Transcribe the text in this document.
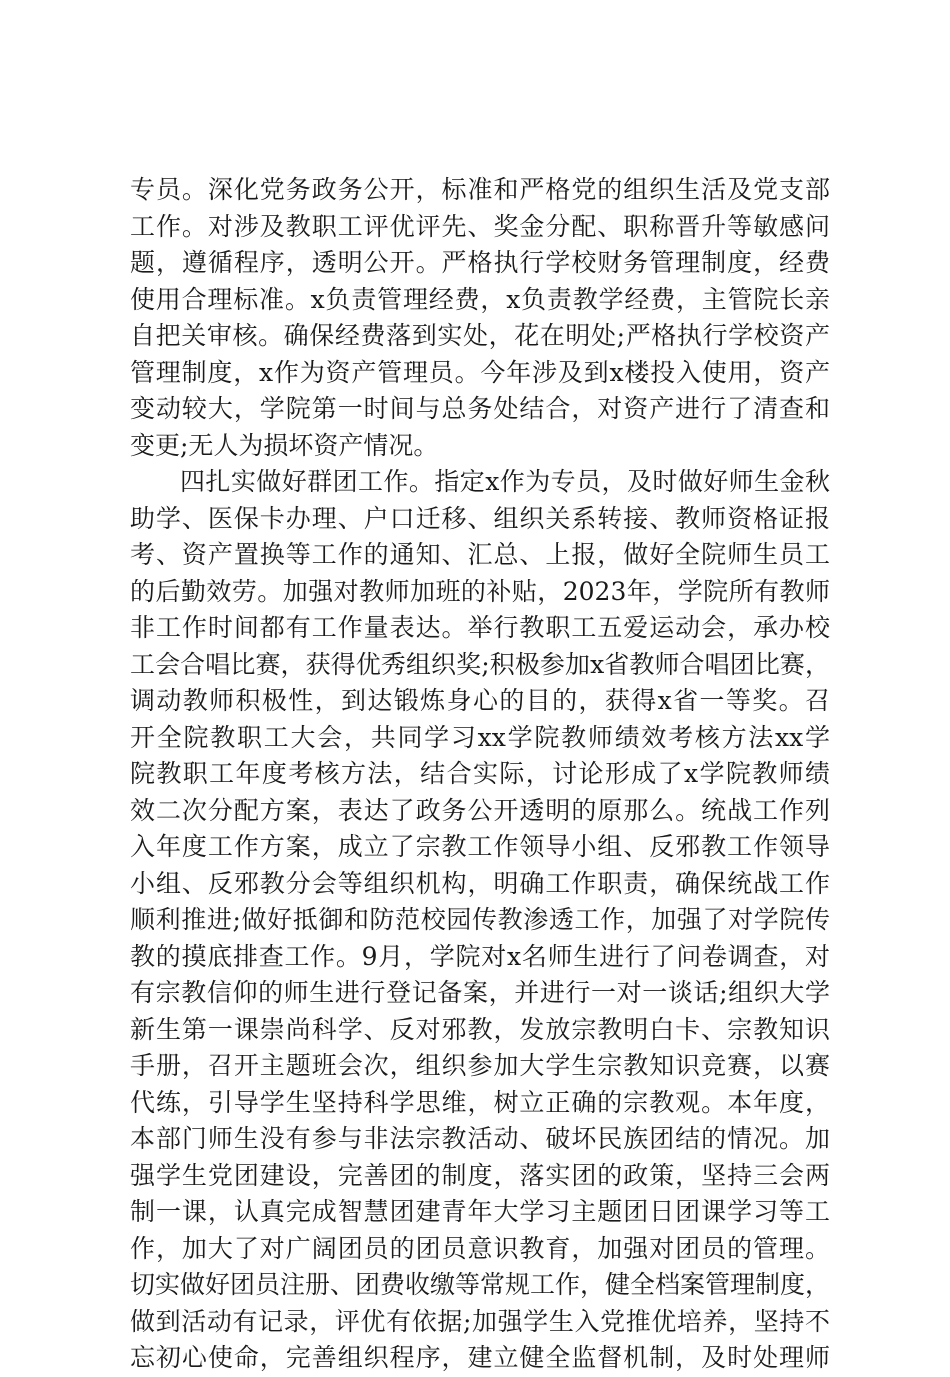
专员。深化党务政务公开，标准和严格党的组织生活及党支部
工作。对涉及教职工评优评先、奖金分配、职称晋升等敏感问
题，遵循程序，透明公开。严格执行学校财务管理制度，经费
使用合理标准。x负责管理经费，x负责教学经费，主管院长亲
自把关审核。确保经费落到实处，花在明处;严格执行学校资产
管理制度，x作为资产管理员。今年涉及到x楼投入使用，资产
变动较大，学院第一时间与总务处结合，对资产进行了清查和
变更;无人为损坏资产情况。
四扎实做好群团工作。指定x作为专员，及时做好师生金秋
助学、医保卡办理、户口迁移、组织关系转接、教师资格证报
考、资产置换等工作的通知、汇总、上报，做好全院师生员工
的后勤效劳。加强对教师加班的补贴，2023年，学院所有教师
非工作时间都有工作量表达。举行教职工五爱运动会，承办校
工会合唱比赛，获得优秀组织奖;积极参加x省教师合唱团比赛，
调动教师积极性，到达锻炼身心的目的，获得x省一等奖。召
开全院教职工大会，共同学习xx学院教师绩效考核方法xx学
院教职工年度考核方法，结合实际，讨论形成了x学院教师绩
效二次分配方案，表达了政务公开透明的原那么。统战工作列
入年度工作方案，成立了宗教工作领导小组、反邪教工作领导
小组、反邪教分会等组织机构，明确工作职责，确保统战工作
顺利推进;做好抵御和防范校园传教渗透工作，加强了对学院传
教的摸底排查工作。9月，学院对x名师生进行了问卷调查，对
有宗教信仰的师生进行登记备案，并进行一对一谈话;组织大学
新生第一课崇尚科学、反对邪教，发放宗教明白卡、宗教知识
手册，召开主题班会次，组织参加大学生宗教知识竞赛，以赛
代练，引导学生坚持科学思维，树立正确的宗教观。本年度，
本部门师生没有参与非法宗教活动、破坏民族团结的情况。加
强学生党团建设，完善团的制度，落实团的政策，坚持三会两
制一课，认真完成智慧团建青年大学习主题团日团课学习等工
作，加大了对广阔团员的团员意识教育，加强对团员的管理。
切实做好团员注册、团费收缴等常规工作，健全档案管理制度，
做到活动有记录，评优有依据;加强学生入党推优培养，坚持不
忘初心使命，完善组织程序，建立健全监督机制，及时处理师
